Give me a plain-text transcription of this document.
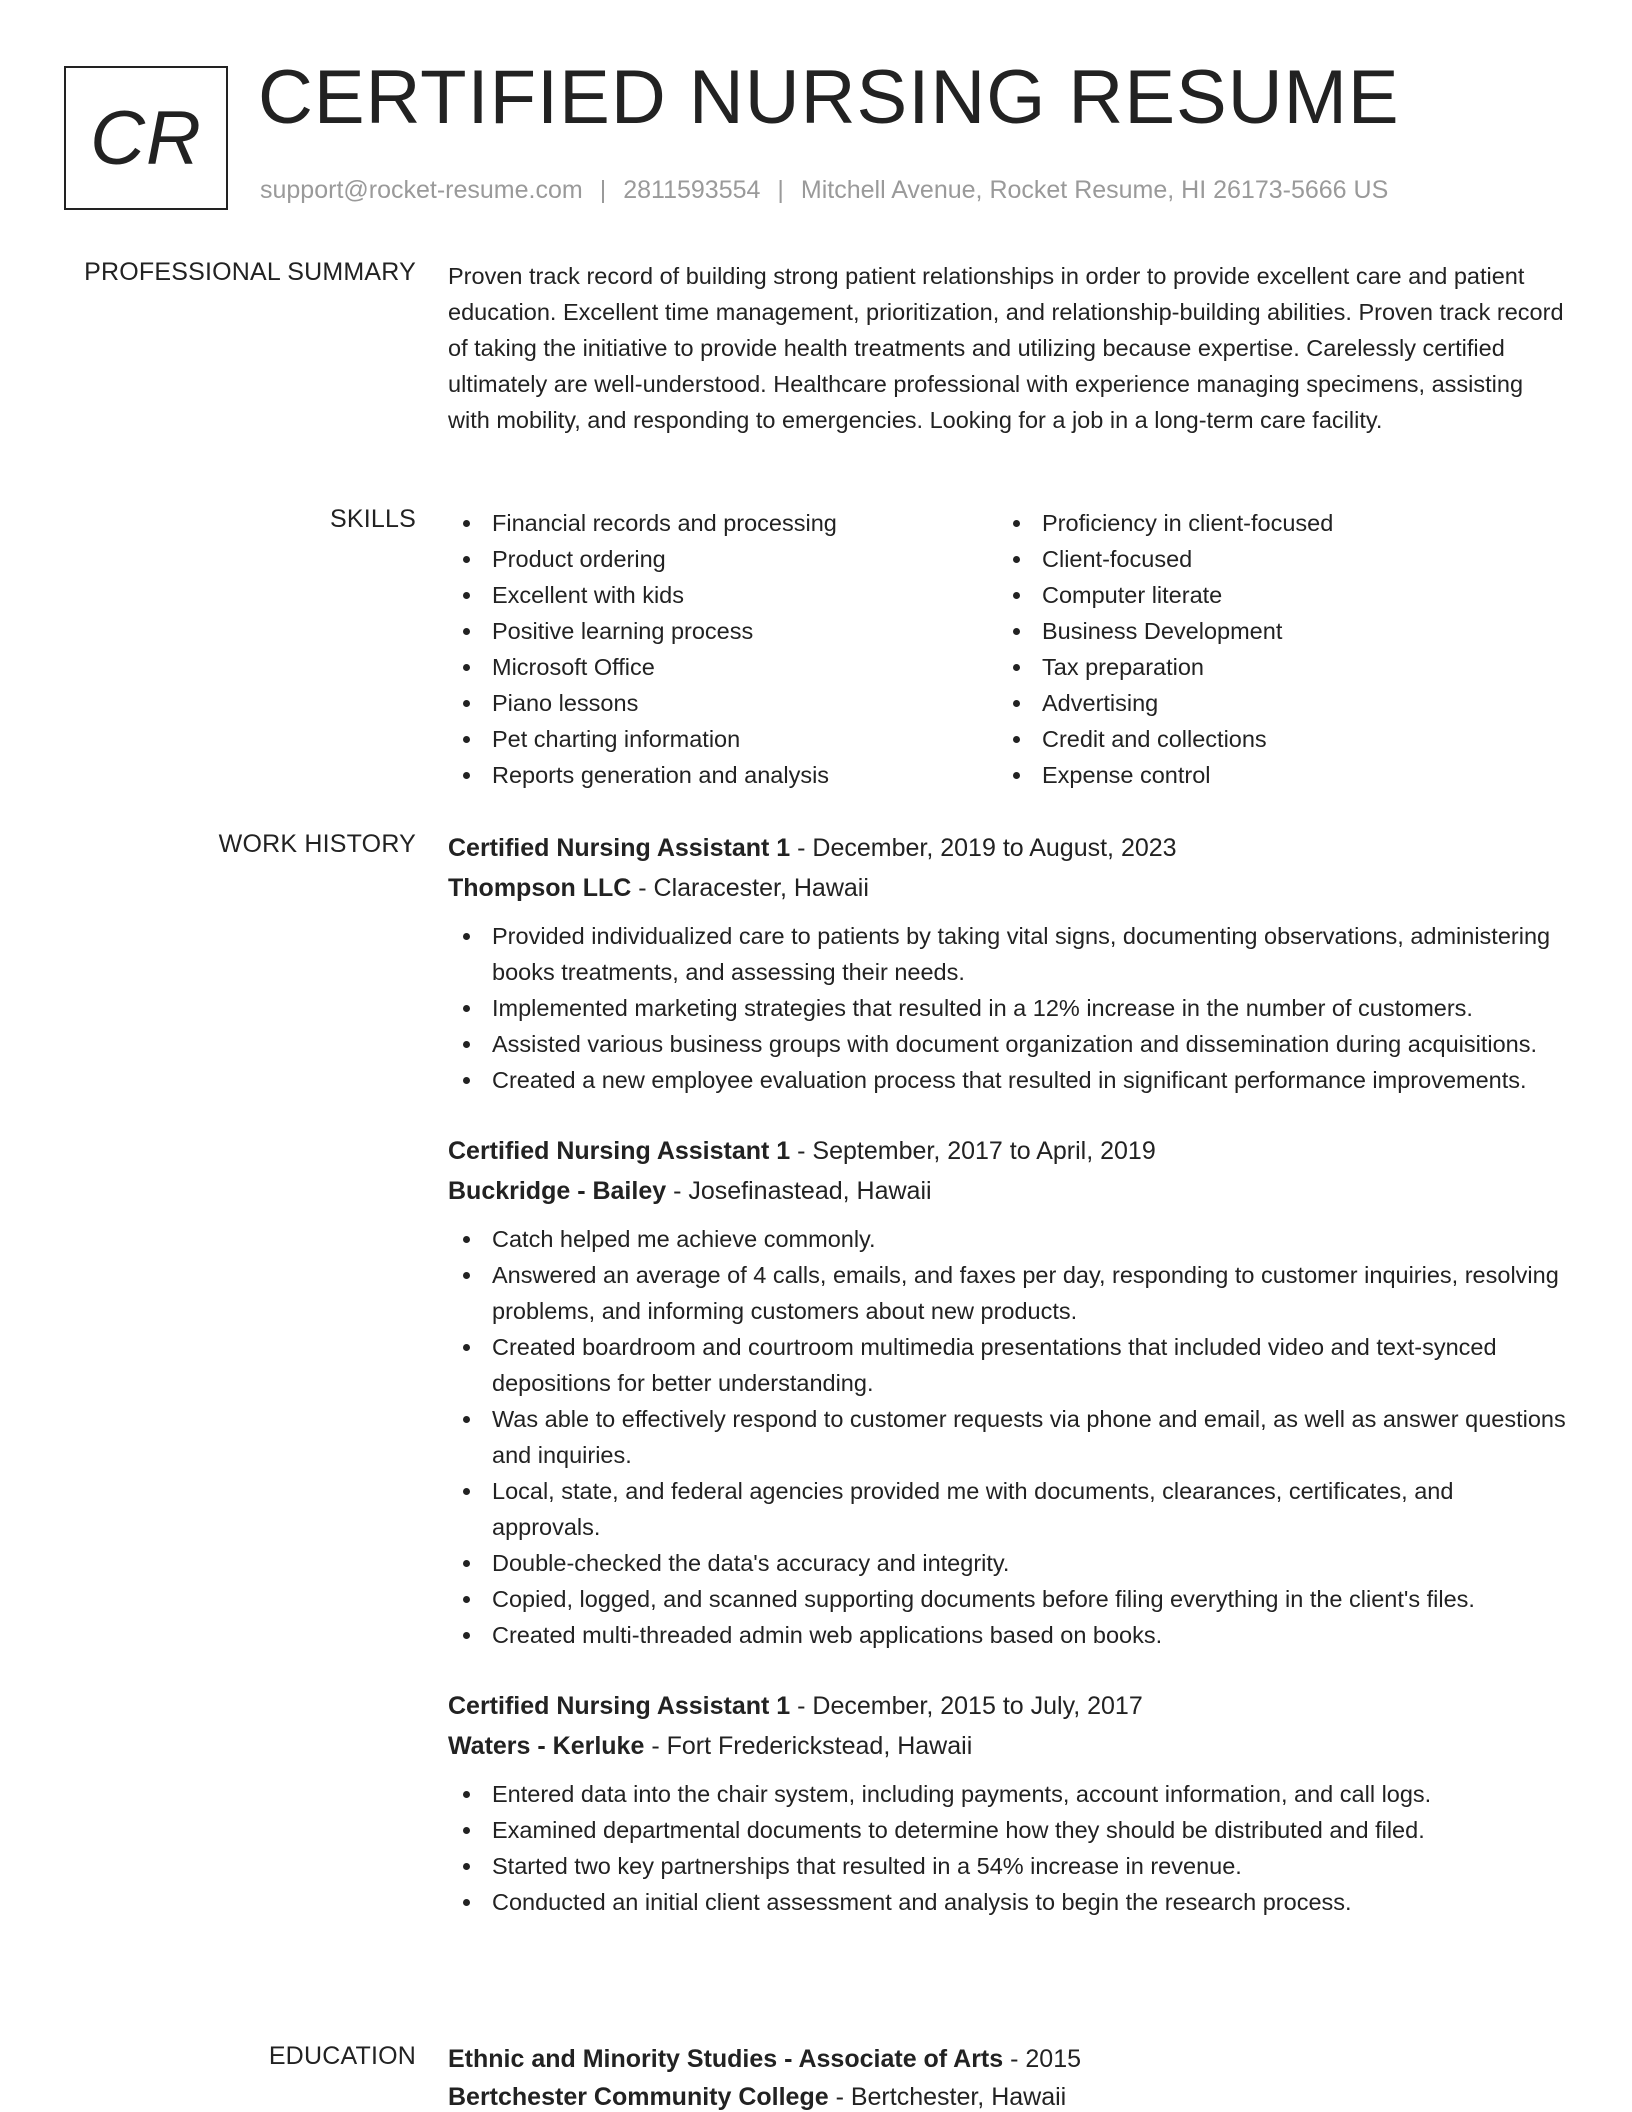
CR CERTIFIED NURSING RESUME
support@rocket-resume.com | 2811593554 | Mitchell Avenue, Rocket Resume, HI 26173-5666 US
PROFESSIONAL SUMMARY Proven track record of building strong patient relationships in order to provide excellent care and patient education. Excellent time management, prioritization, and relationship-building abilities. Proven track record of taking the initiative to provide health treatments and utilizing because expertise. Carelessly certified ultimately are well-understood. Healthcare professional with experience managing specimens, assisting with mobility, and responding to emergencies. Looking for a job in a long-term care facility.

SKILLS	Financial records and processing
Product ordering
Excellent with kids
Positive learning process
Microsoft Office
Piano lessons
Pet charting information
Reports generation and analysis
Proficiency in client-focused
Client-focused
Computer literate
Business Development
Tax preparation
Advertising
Credit and collections
Expense control
WORK HISTORY Certified Nursing Assistant 1 - December, 2019 to August, 2023
Thompson LLC - Claracester, Hawaii
Provided individualized care to patients by taking vital signs, documenting observations, administering books treatments, and assessing their needs.
Implemented marketing strategies that resulted in a 12% increase in the number of customers.
Assisted various business groups with document organization and dissemination during acquisitions.
Created a new employee evaluation process that resulted in significant performance improvements.
Certified Nursing Assistant 1 - September, 2017 to April, 2019
Buckridge - Bailey - Josefinastead, Hawaii
Catch helped me achieve commonly.
Answered an average of 4 calls, emails, and faxes per day, responding to customer inquiries, resolving problems, and informing customers about new products.
Created boardroom and courtroom multimedia presentations that included video and text-synced depositions for better understanding.
Was able to effectively respond to customer requests via phone and email, as well as answer questions and inquiries.
Local, state, and federal agencies provided me with documents, clearances, certificates, and approvals.
Double-checked the data's accuracy and integrity.
Copied, logged, and scanned supporting documents before filing everything in the client's files.
Created multi-threaded admin web applications based on books.
Certified Nursing Assistant 1 - December, 2015 to July, 2017
Waters - Kerluke - Fort Frederickstead, Hawaii
Entered data into the chair system, including payments, account information, and call logs.
Examined departmental documents to determine how they should be distributed and filed.
Started two key partnerships that resulted in a 54% increase in revenue.
Conducted an initial client assessment and analysis to begin the research process.
EDUCATION Ethnic and Minority Studies - Associate of Arts - 2015
Bertchester Community College - Bertchester, Hawaii
